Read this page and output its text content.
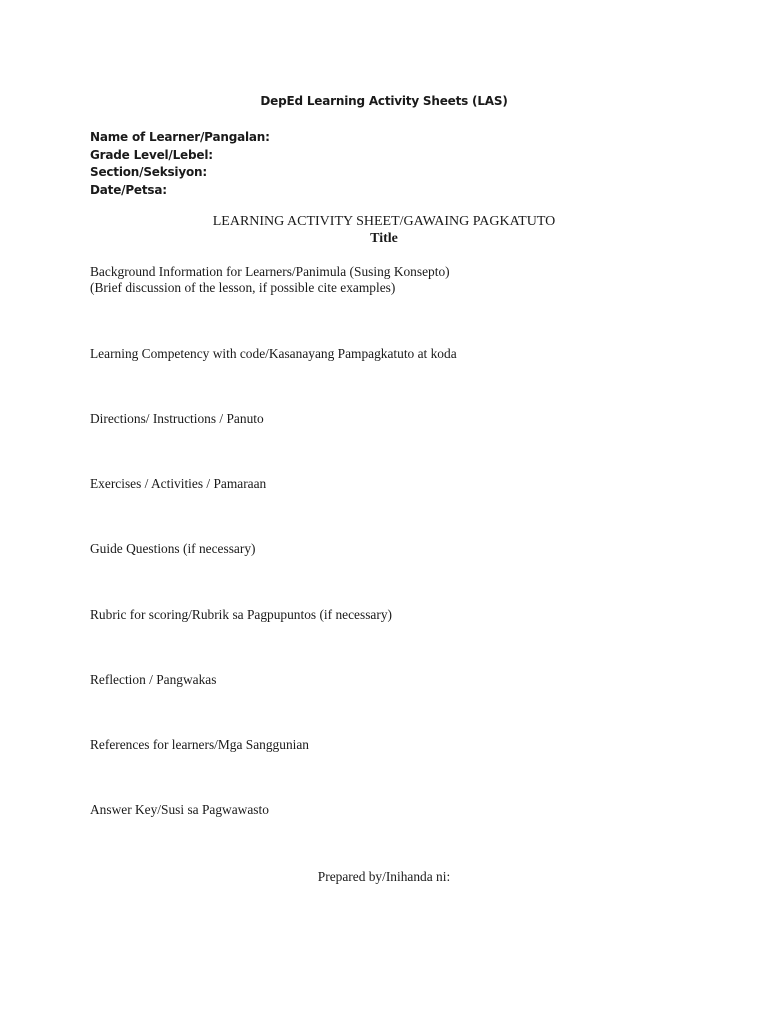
DepEd Learning Activity Sheets (LAS)
Name of Learner/Pangalan:
Grade Level/Lebel:
Section/Seksiyon:
Date/Petsa:
LEARNING ACTIVITY SHEET/GAWAING PAGKATUTO
Title
Background Information for Learners/Panimula (Susing Konsepto)
(Brief discussion of the lesson, if possible cite examples)
Learning Competency with code/Kasanayang Pampagkatuto at koda
Directions/ Instructions / Panuto
Exercises / Activities / Pamaraan
Guide Questions (if necessary)
Rubric for scoring/Rubrik sa Pagpupuntos (if necessary)
Reflection / Pangwakas
References for learners/Mga Sanggunian
Answer Key/Susi sa Pagwawasto
Prepared by/Inihanda ni:
